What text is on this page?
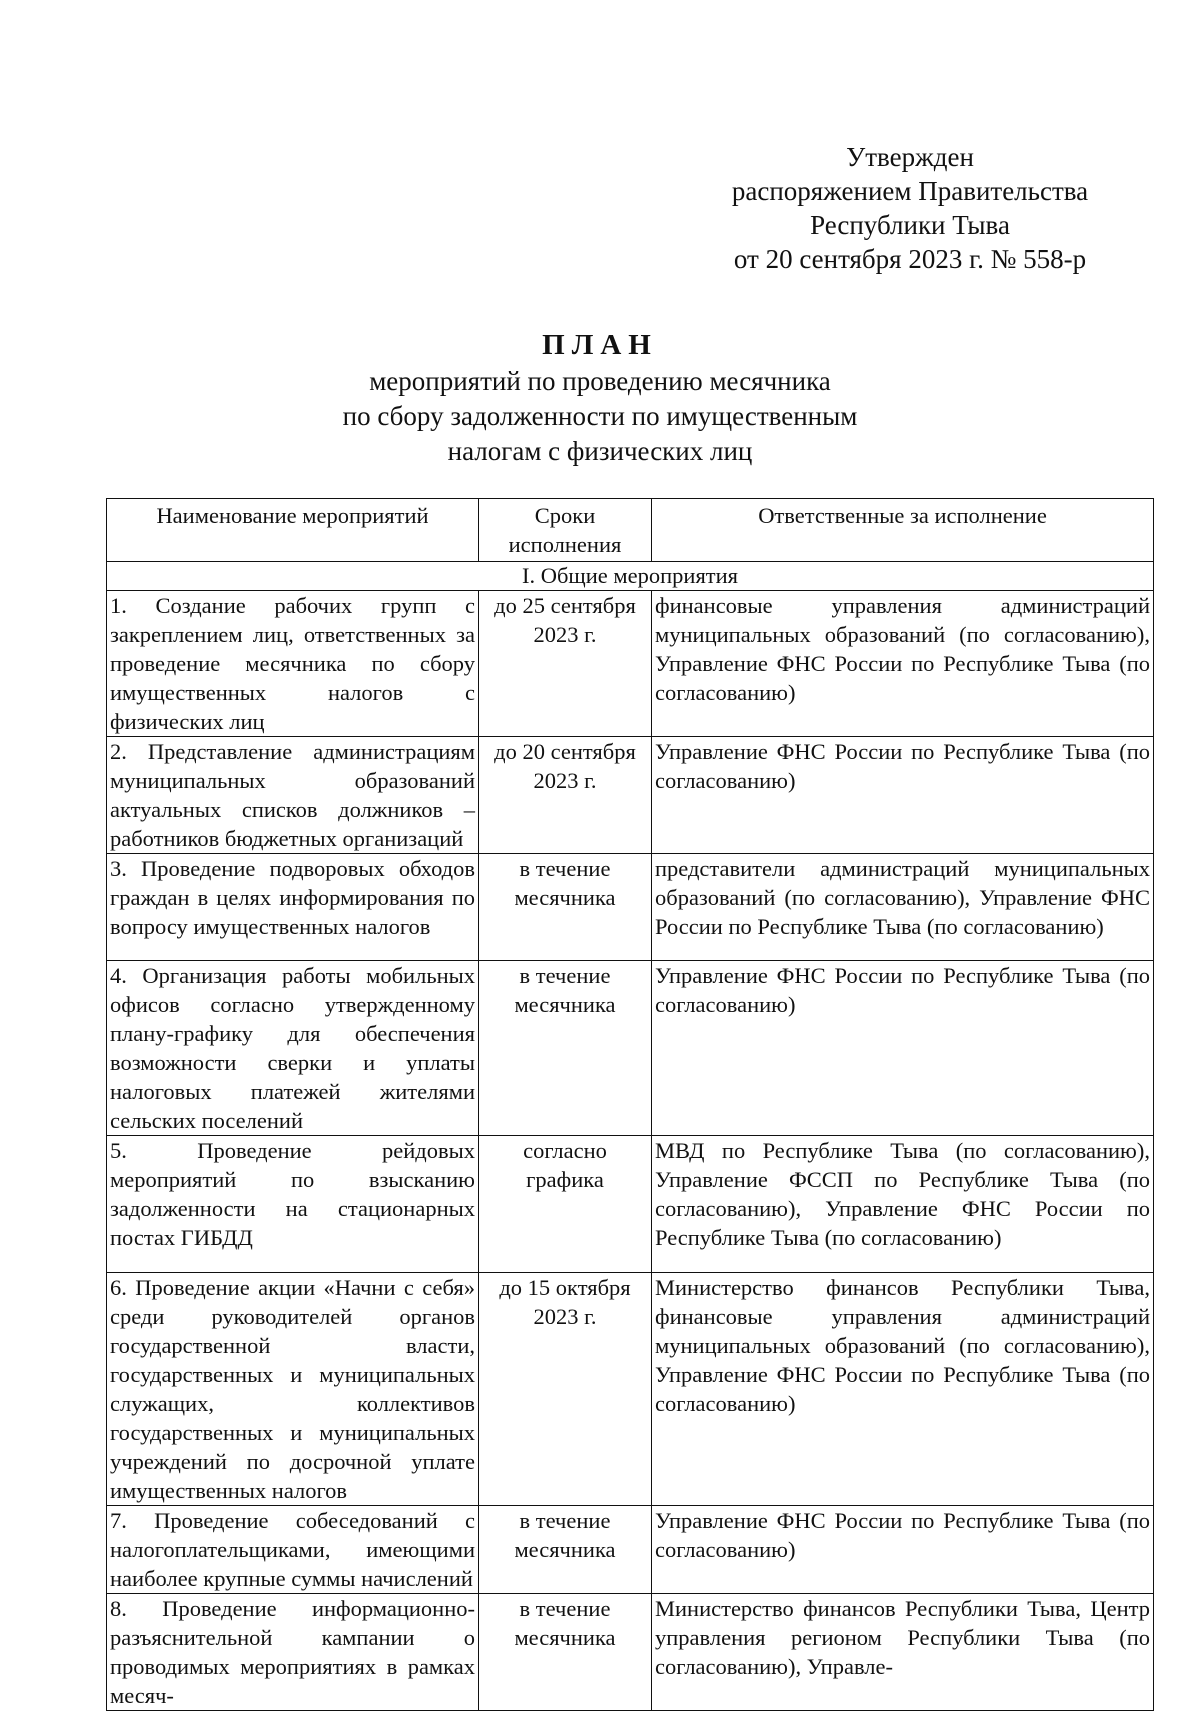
Утвержден
распоряжением Правительства
Республики Тыва
от 20 сентября 2023 г. № 558-р
ПЛАН
мероприятий по проведению месячника
по сбору задолженности по имущественным
налогам с физических лиц
Наименование мероприятий	Сроки исполнения	Ответственные за исполнение
I. Общие мероприятия		
1. Создание рабочих групп с закреплением лиц, ответственных за проведение месячника по сбору имущественных налогов с физических лиц	до 25 сентября 2023 г.	финансовые управления администраций муниципальных образований (по согласованию), Управление ФНС России по Республике Тыва (по согласованию)
2. Представление администрациям муниципальных образований актуальных списков должников – работников бюджетных организаций	до 20 сентября 2023 г.	Управление ФНС России по Республике Тыва (по согласованию)
3. Проведение подворовых обходов граждан в целях информирования по вопросу имущественных налогов	в течение месячника	представители администраций муниципальных образований (по согласованию), Управление ФНС России по Республике Тыва (по согласованию)
4. Организация работы мобильных офисов согласно утвержденному плану-графику для обеспечения возможности сверки и уплаты налоговых платежей жителями сельских поселений	в течение месячника	Управление ФНС России по Республике Тыва (по согласованию)
5. Проведение рейдовых мероприятий по взысканию задолженности на стационарных постах ГИБДД	согласно графика	МВД по Республике Тыва (по согласованию), Управление ФССП по Республике Тыва (по согласованию), Управление ФНС России по Республике Тыва (по согласованию)
6. Проведение акции «Начни с себя» среди руководителей органов государственной власти, государственных и муниципальных служащих, коллективов государственных и муниципальных учреждений по досрочной уплате имущественных налогов	до 15 октября 2023 г.	Министерство финансов Республики Тыва, финансовые управления администраций муниципальных образований (по согласованию), Управление ФНС России по Республике Тыва (по согласованию)
7. Проведение собеседований с налогоплательщиками, имеющими наиболее крупные суммы начислений	в течение месячника	Управление ФНС России по Республике Тыва (по согласованию)
8. Проведение информационно-разъяснительной кампании о проводимых мероприятиях в рамках месяч-	в течение месячника	Министерство финансов Республики Тыва, Центр управления регионом Республики Тыва (по согласованию), Управле-
